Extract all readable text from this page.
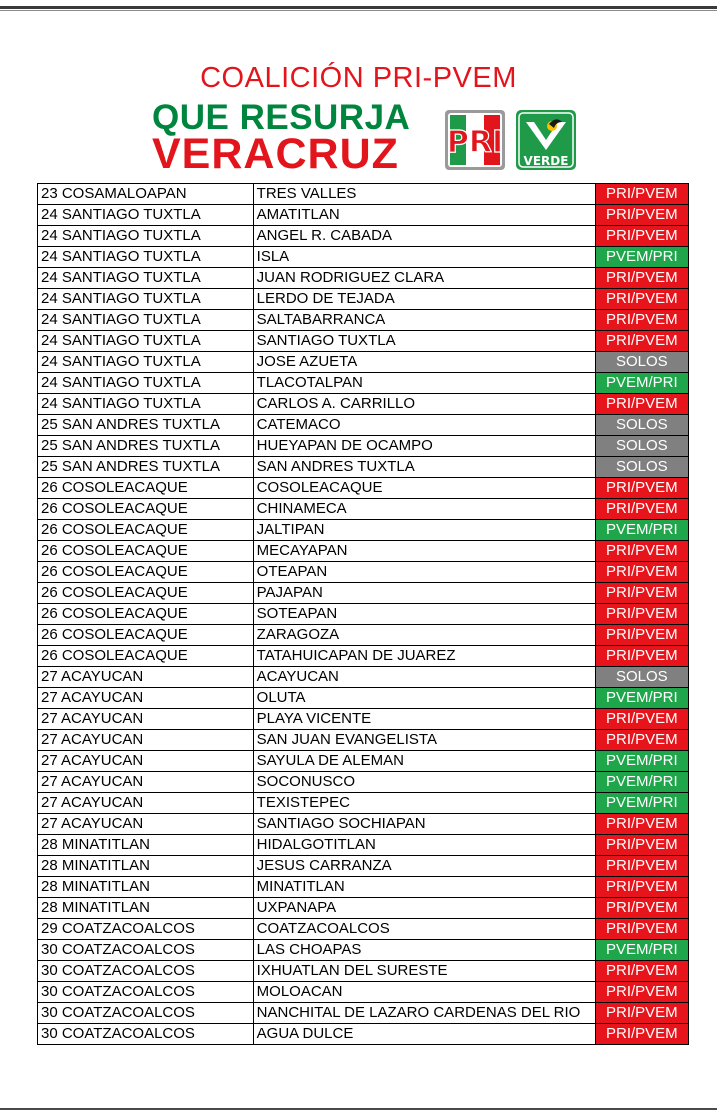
COALICIÓN PRI-PVEM
QUE RESURJA
VERACRUZ	PRI
VERDE
23 COSAMALOAPAN	TRES VALLES	PRI/PVEM
24 SANTIAGO TUXTLA	AMATITLAN	PRI/PVEM
24 SANTIAGO TUXTLA	ANGEL R. CABADA	PRI/PVEM
24 SANTIAGO TUXTLA	ISLA	PVEM/PRI
24 SANTIAGO TUXTLA	JUAN RODRIGUEZ CLARA	PRI/PVEM
24 SANTIAGO TUXTLA	LERDO DE TEJADA	PRI/PVEM
24 SANTIAGO TUXTLA	SALTABARRANCA	PRI/PVEM
24 SANTIAGO TUXTLA	SANTIAGO TUXTLA	PRI/PVEM
24 SANTIAGO TUXTLA	JOSE AZUETA	SOLOS
24 SANTIAGO TUXTLA	TLACOTALPAN	PVEM/PRI
24 SANTIAGO TUXTLA	CARLOS A. CARRILLO	PRI/PVEM
25 SAN ANDRES TUXTLA	CATEMACO	SOLOS
25 SAN ANDRES TUXTLA	HUEYAPAN DE OCAMPO	SOLOS
25 SAN ANDRES TUXTLA	SAN ANDRES TUXTLA	SOLOS
26 COSOLEACAQUE	COSOLEACAQUE	PRI/PVEM
26 COSOLEACAQUE	CHINAMECA	PRI/PVEM
26 COSOLEACAQUE	JALTIPAN	PVEM/PRI
26 COSOLEACAQUE	MECAYAPAN	PRI/PVEM
26 COSOLEACAQUE	OTEAPAN	PRI/PVEM
26 COSOLEACAQUE	PAJAPAN	PRI/PVEM
26 COSOLEACAQUE	SOTEAPAN	PRI/PVEM
26 COSOLEACAQUE	ZARAGOZA	PRI/PVEM
26 COSOLEACAQUE	TATAHUICAPAN DE JUAREZ	PRI/PVEM
27 ACAYUCAN	ACAYUCAN	SOLOS
27 ACAYUCAN	OLUTA	PVEM/PRI
27 ACAYUCAN	PLAYA VICENTE	PRI/PVEM
27 ACAYUCAN	SAN JUAN EVANGELISTA	PRI/PVEM
27 ACAYUCAN	SAYULA DE ALEMAN	PVEM/PRI
27 ACAYUCAN	SOCONUSCO	PVEM/PRI
27 ACAYUCAN	TEXISTEPEC	PVEM/PRI
27 ACAYUCAN	SANTIAGO SOCHIAPAN	PRI/PVEM
28 MINATITLAN	HIDALGOTITLAN	PRI/PVEM
28 MINATITLAN	JESUS CARRANZA	PRI/PVEM
28 MINATITLAN	MINATITLAN	PRI/PVEM
28 MINATITLAN	UXPANAPA	PRI/PVEM
29 COATZACOALCOS	COATZACOALCOS	PRI/PVEM
30 COATZACOALCOS	LAS CHOAPAS	PVEM/PRI
30 COATZACOALCOS	IXHUATLAN DEL SURESTE	PRI/PVEM
30 COATZACOALCOS	MOLOACAN	PRI/PVEM
30 COATZACOALCOS	NANCHITAL DE LAZARO CARDENAS DEL RIO	PRI/PVEM
30 COATZACOALCOS	AGUA DULCE	PRI/PVEM
